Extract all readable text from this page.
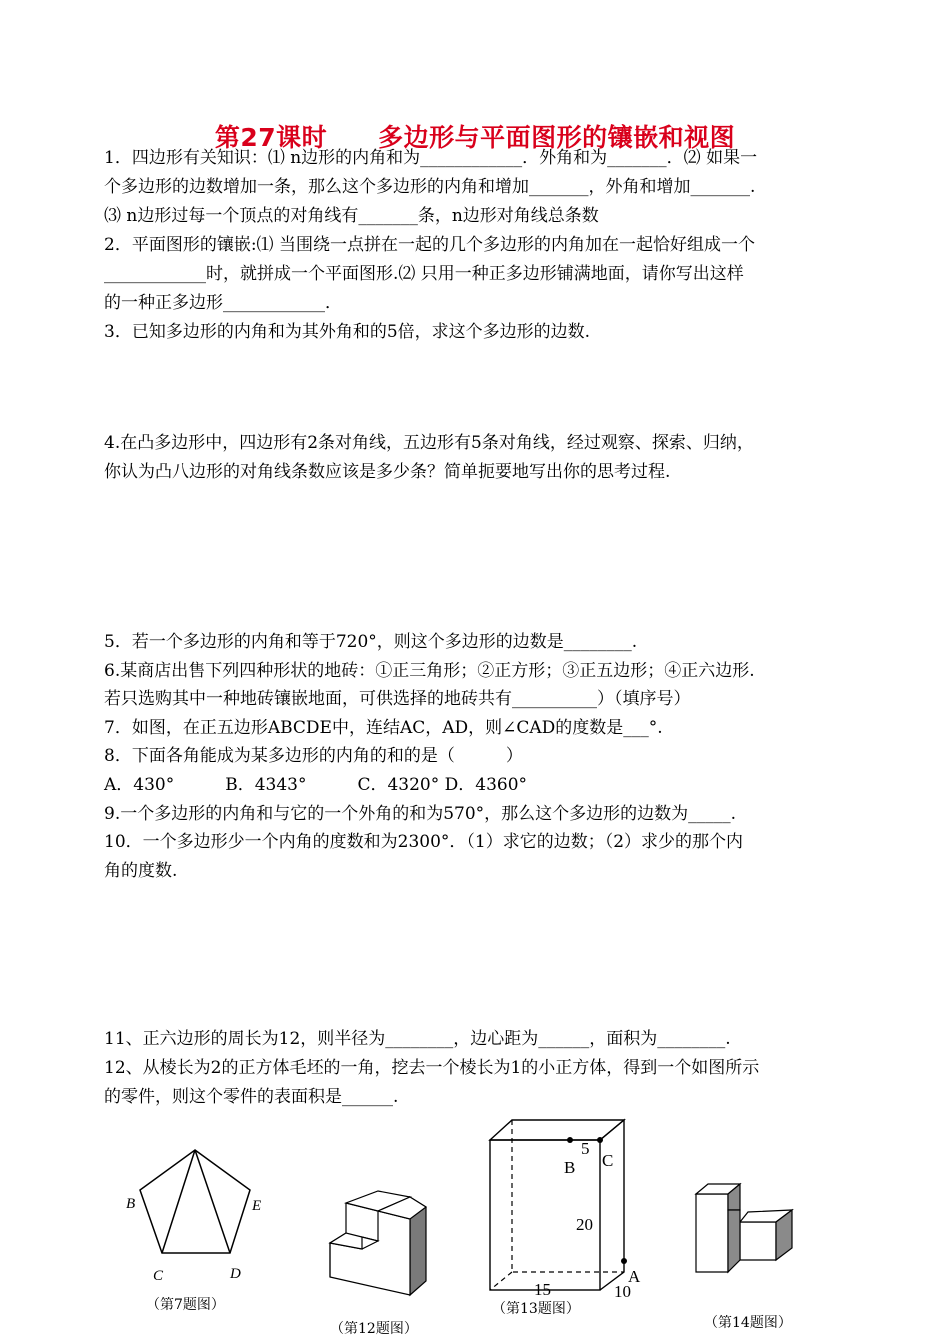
第27课时　　多边形与平面图形的镶嵌和视图
1．四边形有关知识：⑴ n边形的内角和为____________．外角和为_______．⑵ 如果一
个多边形的边数增加一条，那么这个多边形的内角和增加_______，外角和增加_______.
⑶ n边形过每一个顶点的对角线有_______条，n边形对角线总条数
2．平面图形的镶嵌:⑴ 当围绕一点拼在一起的几个多边形的内角加在一起恰好组成一个
____________时，就拼成一个平面图形.⑵ 只用一种正多边形铺满地面，请你写出这样
的一种正多边形____________．
3．已知多边形的内角和为其外角和的5倍，求这个多边形的边数.
4.在凸多边形中，四边形有2条对角线，五边形有5条对角线，经过观察、探索、归纳，
你认为凸八边形的对角线条数应该是多少条？简单扼要地写出你的思考过程.
5．若一个多边形的内角和等于720°，则这个多边形的边数是________.
6.某商店出售下列四种形状的地砖：①正三角形；②正方形；③正五边形；④正六边形.
若只选购其中一种地砖镶嵌地面，可供选择的地砖共有__________）（填序号）
7．如图，在正五边形ABCDE中，连结AC，AD，则∠CAD的度数是___°.
8．下面各角能成为某多边形的内角的和的是（　　　）
A．430°　　　B．4343°　　　C．4320° D．4360°
9.一个多边形的内角和与它的一个外角的和为570°，那么这个多边形的边数为_____.
10．一个多边形少一个内角的度数和为2300°．（1）求它的边数；（2）求少的那个内
角的度数.
11、正六边形的周长为12，则半径为________，边心距为______，面积为________.
12、从棱长为2的正方体毛坯的一角，挖去一个棱长为1的小正方体，得到一个如图所示
的零件，则这个零件的表面积是______.
B	E
C	D
（第7题图）
（第12题图）
5
B C
20
A
15	10
（第13题图）
（第14题图）
